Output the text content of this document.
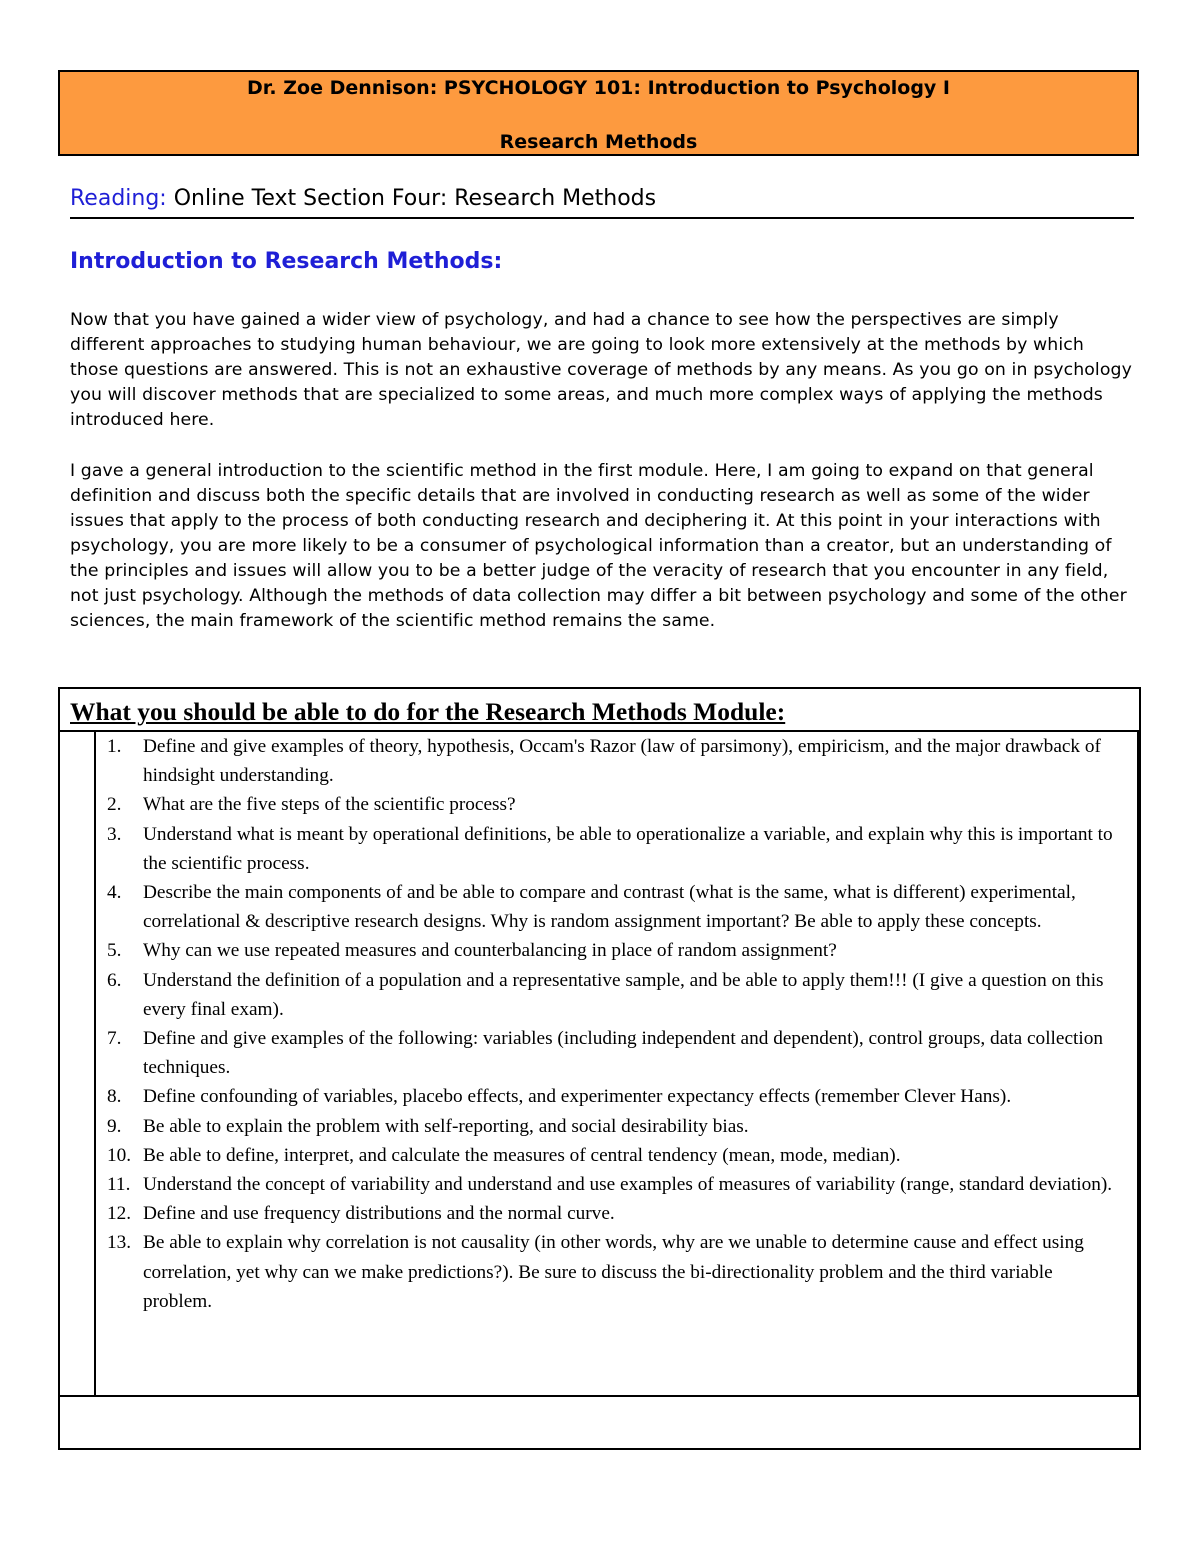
Dr. Zoe Dennison: PSYCHOLOGY 101: Introduction to Psychology I
Research Methods
Reading: Online Text Section Four: Research Methods
Introduction to Research Methods:
Now that you have gained a wider view of psychology, and had a chance to see how the perspectives are simply different approaches to studying human behaviour, we are going to look more extensively at the methods by which those questions are answered. This is not an exhaustive coverage of methods by any means. As you go on in psychology you will discover methods that are specialized to some areas, and much more complex ways of applying the methods introduced here.
I gave a general introduction to the scientific method in the first module. Here, I am going to expand on that general definition and discuss both the specific details that are involved in conducting research as well as some of the wider issues that apply to the process of both conducting research and deciphering it. At this point in your interactions with psychology, you are more likely to be a consumer of psychological information than a creator, but an understanding of the principles and issues will allow you to be a better judge of the veracity of research that you encounter in any field, not just psychology. Although the methods of data collection may differ a bit between psychology and some of the other sciences, the main framework of the scientific method remains the same.
What you should be able to do for the Research Methods Module:
1. Define and give examples of theory, hypothesis, Occam's Razor (law of parsimony), empiricism, and the major drawback of hindsight understanding.
2. What are the five steps of the scientific process?
3. Understand what is meant by operational definitions, be able to operationalize a variable, and explain why this is important to the scientific process.
4. Describe the main components of and be able to compare and contrast (what is the same, what is different) experimental, correlational & descriptive research designs. Why is random assignment important? Be able to apply these concepts.
5. Why can we use repeated measures and counterbalancing in place of random assignment?
6. Understand the definition of a population and a representative sample, and be able to apply them!!! (I give a question on this every final exam).
7. Define and give examples of the following: variables (including independent and dependent), control groups, data collection techniques.
8. Define confounding of variables, placebo effects, and experimenter expectancy effects (remember Clever Hans).
9. Be able to explain the problem with self-reporting, and social desirability bias.
10. Be able to define, interpret, and calculate the measures of central tendency (mean, mode, median).
11. Understand the concept of variability and understand and use examples of measures of variability (range, standard deviation).
12. Define and use frequency distributions and the normal curve.
13. Be able to explain why correlation is not causality (in other words, why are we unable to determine cause and effect using correlation, yet why can we make predictions?). Be sure to discuss the bi-directionality problem and the third variable problem.
